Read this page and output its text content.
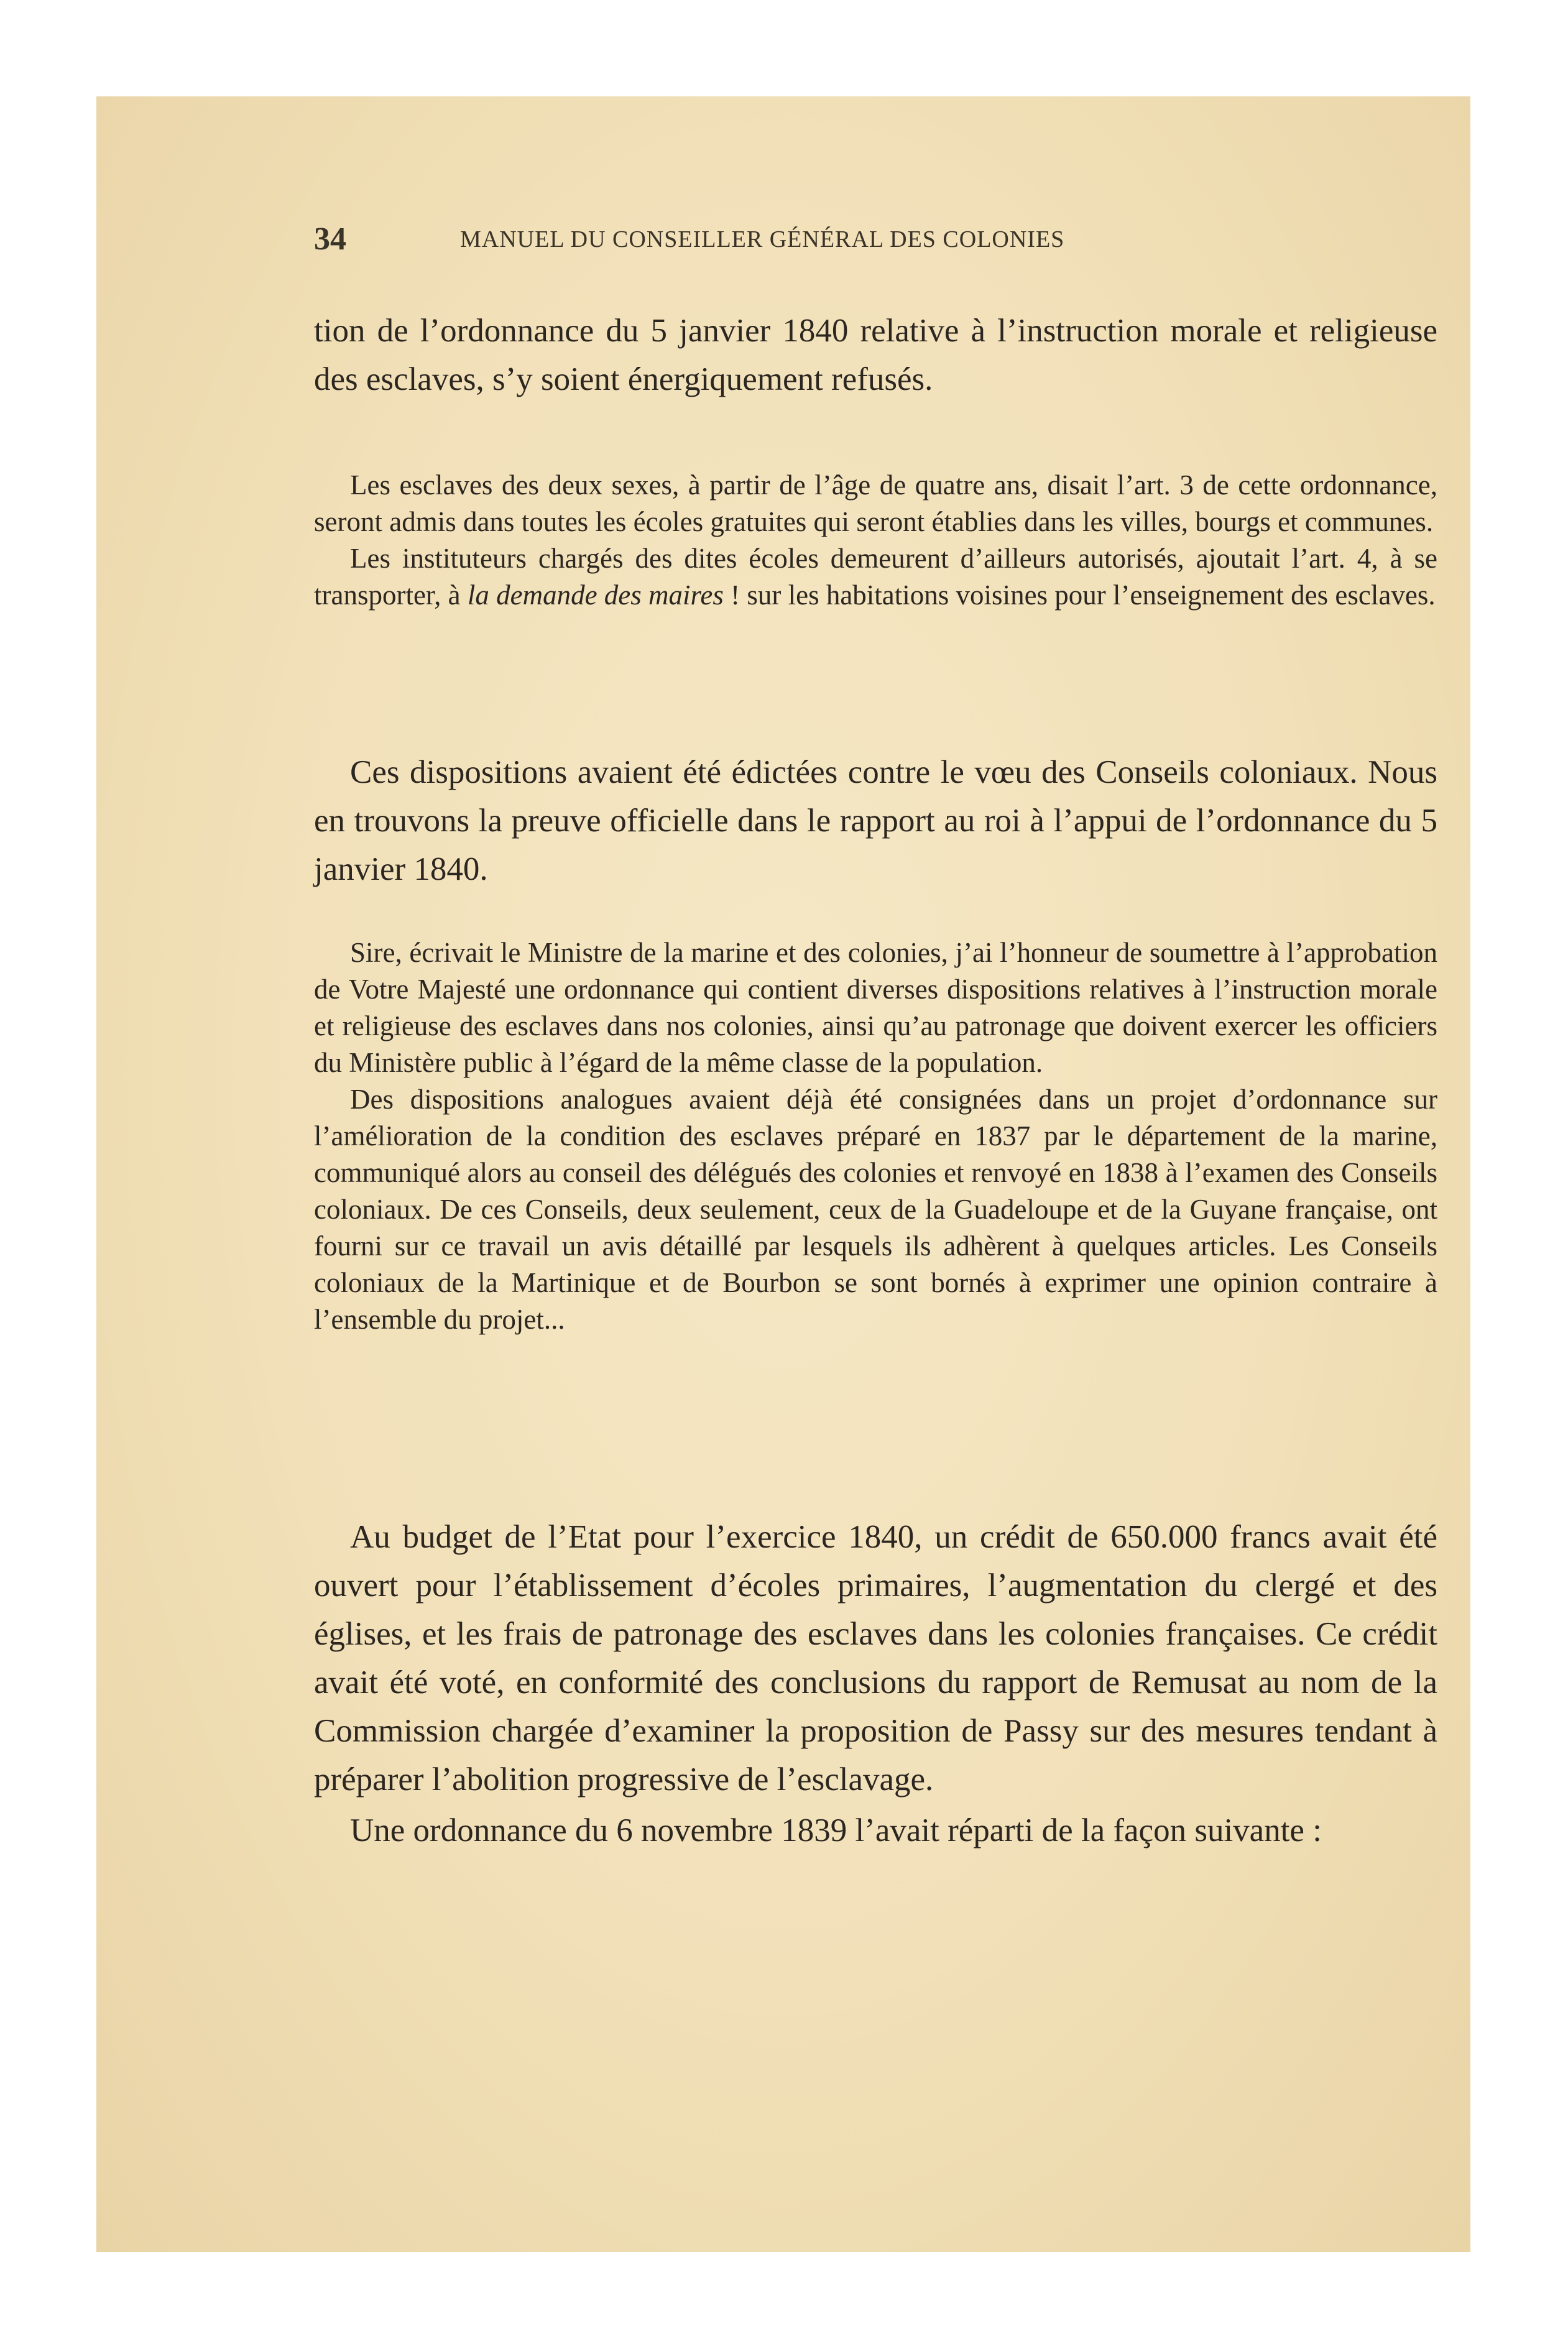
34	MANUEL DU CONSEILLER GÉNÉRAL DES COLONIES

tion de l’ordonnance du 5 janvier 1840 relative à l’instruction morale et religieuse des esclaves, s’y soient énergiquement refusés.

Les esclaves des deux sexes, à partir de l’âge de quatre ans, disait l’art. 3 de cette ordonnance, seront admis dans toutes les écoles gratuites qui seront établies dans les villes, bourgs et communes.

Les instituteurs chargés des dites écoles demeurent d’ailleurs autorisés, ajoutait l’art. 4, à se transporter, à la demande des maires ! sur les habitations voisines pour l’enseignement des esclaves.

Ces dispositions avaient été édictées contre le vœu des Conseils coloniaux. Nous en trouvons la preuve officielle dans le rapport au roi à l’appui de l’ordonnance du 5 janvier 1840.

Sire, écrivait le Ministre de la marine et des colonies, j’ai l’honneur de soumettre à l’approbation de Votre Majesté une ordonnance qui contient diverses dispositions relatives à l’instruction morale et religieuse des esclaves dans nos colonies, ainsi qu’au patronage que doivent exercer les officiers du Ministère public à l’égard de la même classe de la population.

Des dispositions analogues avaient déjà été consignées dans un projet d’ordonnance sur l’amélioration de la condition des esclaves préparé en 1837 par le département de la marine, communiqué alors au conseil des délégués des colonies et renvoyé en 1838 à l’examen des Conseils coloniaux. De ces Conseils, deux seulement, ceux de la Guadeloupe et de la Guyane française, ont fourni sur ce travail un avis détaillé par lesquels ils adhèrent à quelques articles. Les Conseils coloniaux de la Martinique et de Bourbon se sont bornés à exprimer une opinion contraire à l’ensemble du projet...

Au budget de l’Etat pour l’exercice 1840, un crédit de 650.000 francs avait été ouvert pour l’établissement d’écoles primaires, l’augmentation du clergé et des églises, et les frais de patronage des esclaves dans les colonies françaises. Ce crédit avait été voté, en conformité des conclusions du rapport de Remusat au nom de la Commission chargée d’examiner la proposition de Passy sur des mesures tendant à préparer l’abolition progressive de l’esclavage.

Une ordonnance du 6 novembre 1839 l’avait réparti de la façon suivante :
